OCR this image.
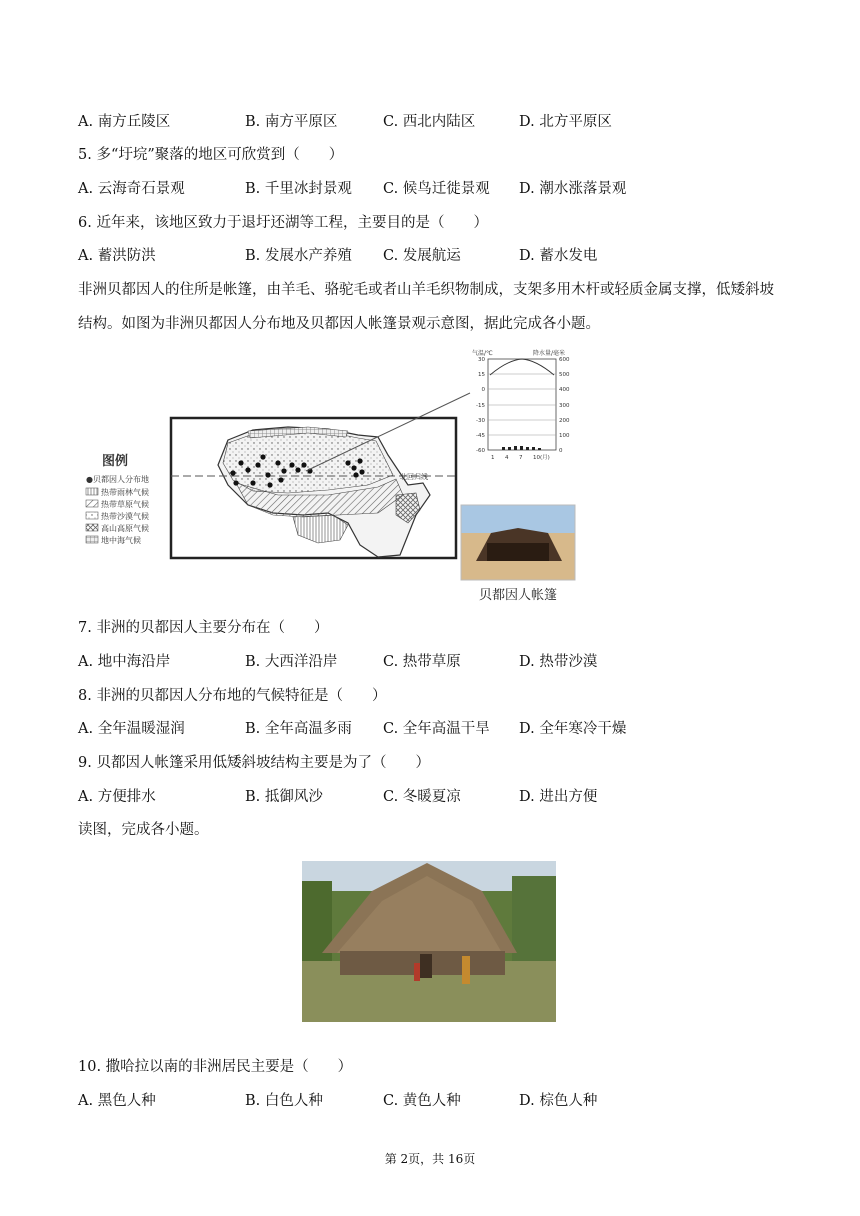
A. 南方丘陵区	B. 南方平原区	C. 西北内陆区	D. 北方平原区
5. 多“圩垸”聚落的地区可欣赏到（　　）
A. 云海奇石景观	B. 千里冰封景观 C. 候鸟迁徙景观 D. 潮水涨落景观
6. 近年来，该地区致力于退圩还湖等工程，主要目的是（　　）
A. 蓄洪防洪	B. 发展水产养殖 C. 发展航运	D. 蓄水发电
非洲贝都因人的住所是帐篷，由羊毛、骆驼毛或者山羊毛织物制成，支架多用木杆或轻质金属支撑，低矮斜坡结构。如图为非洲贝都因人分布地及贝都因人帐篷景观示意图，据此完成各小题。
北回归线
图例
●贝都因人分布地
热带雨林气候
热带草原气候
热带沙漠气候
高山高原气候
地中海气候
气温/℃	降水量/毫米
30
15
0
-15
-30
-45
-60
600
500
400
300
200
100
0
1 4 7 10(月)
贝都因人帐篷
7. 非洲的贝都因人主要分布在（　　）
A. 地中海沿岸	B. 大西洋沿岸	C. 热带草原	D. 热带沙漠
8. 非洲的贝都因人分布地的气候特征是（　　）
A. 全年温暖湿润	B. 全年高温多雨 C. 全年高温干旱 D. 全年寒冷干燥
9. 贝都因人帐篷采用低矮斜坡结构主要是为了（　　）
A. 方便排水	B. 抵御风沙	C. 冬暖夏凉	D. 进出方便
读图，完成各小题。
10. 撒哈拉以南的非洲居民主要是（　　）
A. 黑色人种	B. 白色人种	C. 黄色人种	D. 棕色人种
第 2页，共 16页
